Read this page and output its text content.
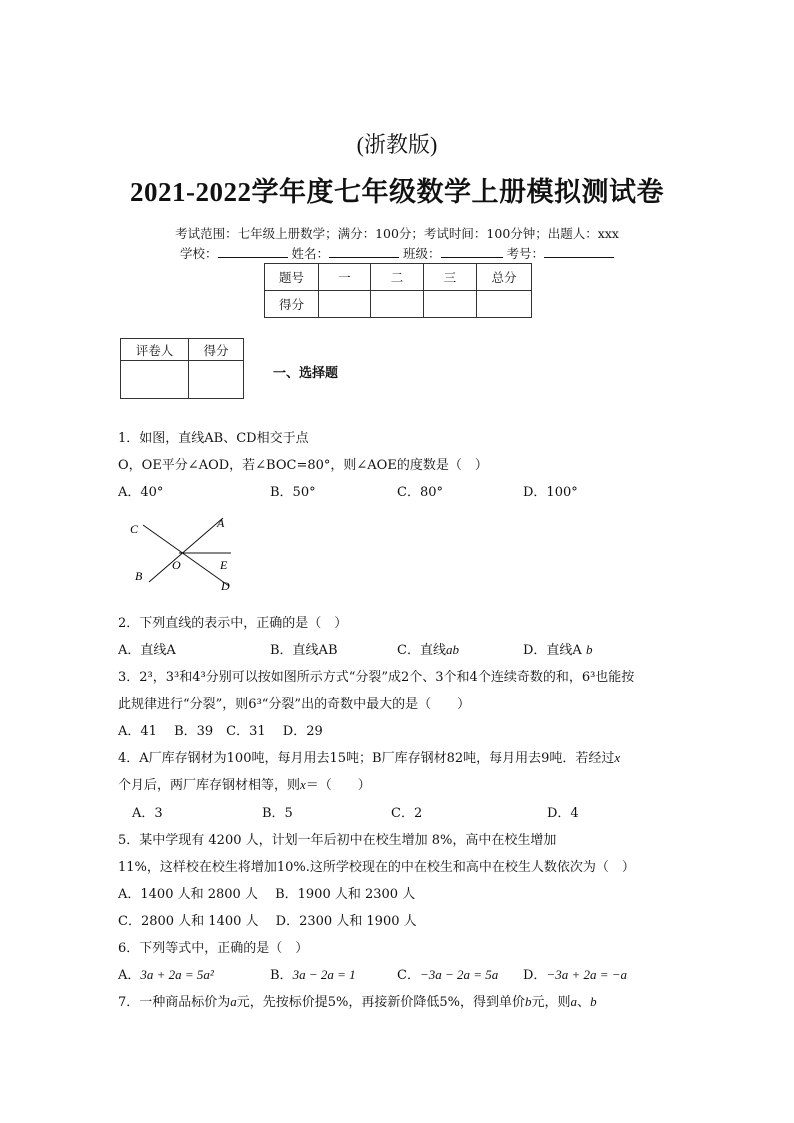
(浙教版)
2021-2022学年度七年级数学上册模拟测试卷
考试范围：七年级上册数学；满分：100分；考试时间：100分钟；出题人：xxx
学校：	姓名：	班级：	考号：
题号	一	二	三	总分
得分				
评卷人	得分

一、选择题
1．如图，直线AB、CD相交于点
O，OE平分∠AOD，若∠BOC=80°，则∠AOE的度数是（　）
A．40°	B．50°	C．80°	D．100°
C	A
B
O	E
D
2．下列直线的表示中，正确的是（　）
A．直线A	B．直线AB	C．直线ab	D．直线A b
3．2³，3³和4³分别可以按如图所示方式“分裂”成2个、3个和4个连续奇数的和，6³也能按
此规律进行“分裂”，则6³“分裂”出的奇数中最大的是（　　）
A．41　 B．39　C．31　 D．29
4．A厂库存钢材为100吨，每月用去15吨；B厂库存钢材82吨，每月用去9吨．若经过x
个月后，两厂库存钢材相等，则x＝（　　）
A．3	B．5	C．2	D．4
5．某中学现有 4200 人，计划一年后初中在校生增加 8%，高中在校生增加
11%，这样校在校生将增加10%.这所学校现在的中在校生和高中在校生人数依次为（　）
A．1400 人和 2800 人　 B．1900 人和 2300 人
C．2800 人和 1400 人　 D．2300 人和 1900 人
6．下列等式中，正确的是（　）
A．3a + 2a = 5a²	B．3a − 2a = 1	C．−3a − 2a = 5a D．−3a + 2a = −a
7．一种商品标价为a元，先按标价提5%，再接新价降低5%，得到单价b元，则a、b
